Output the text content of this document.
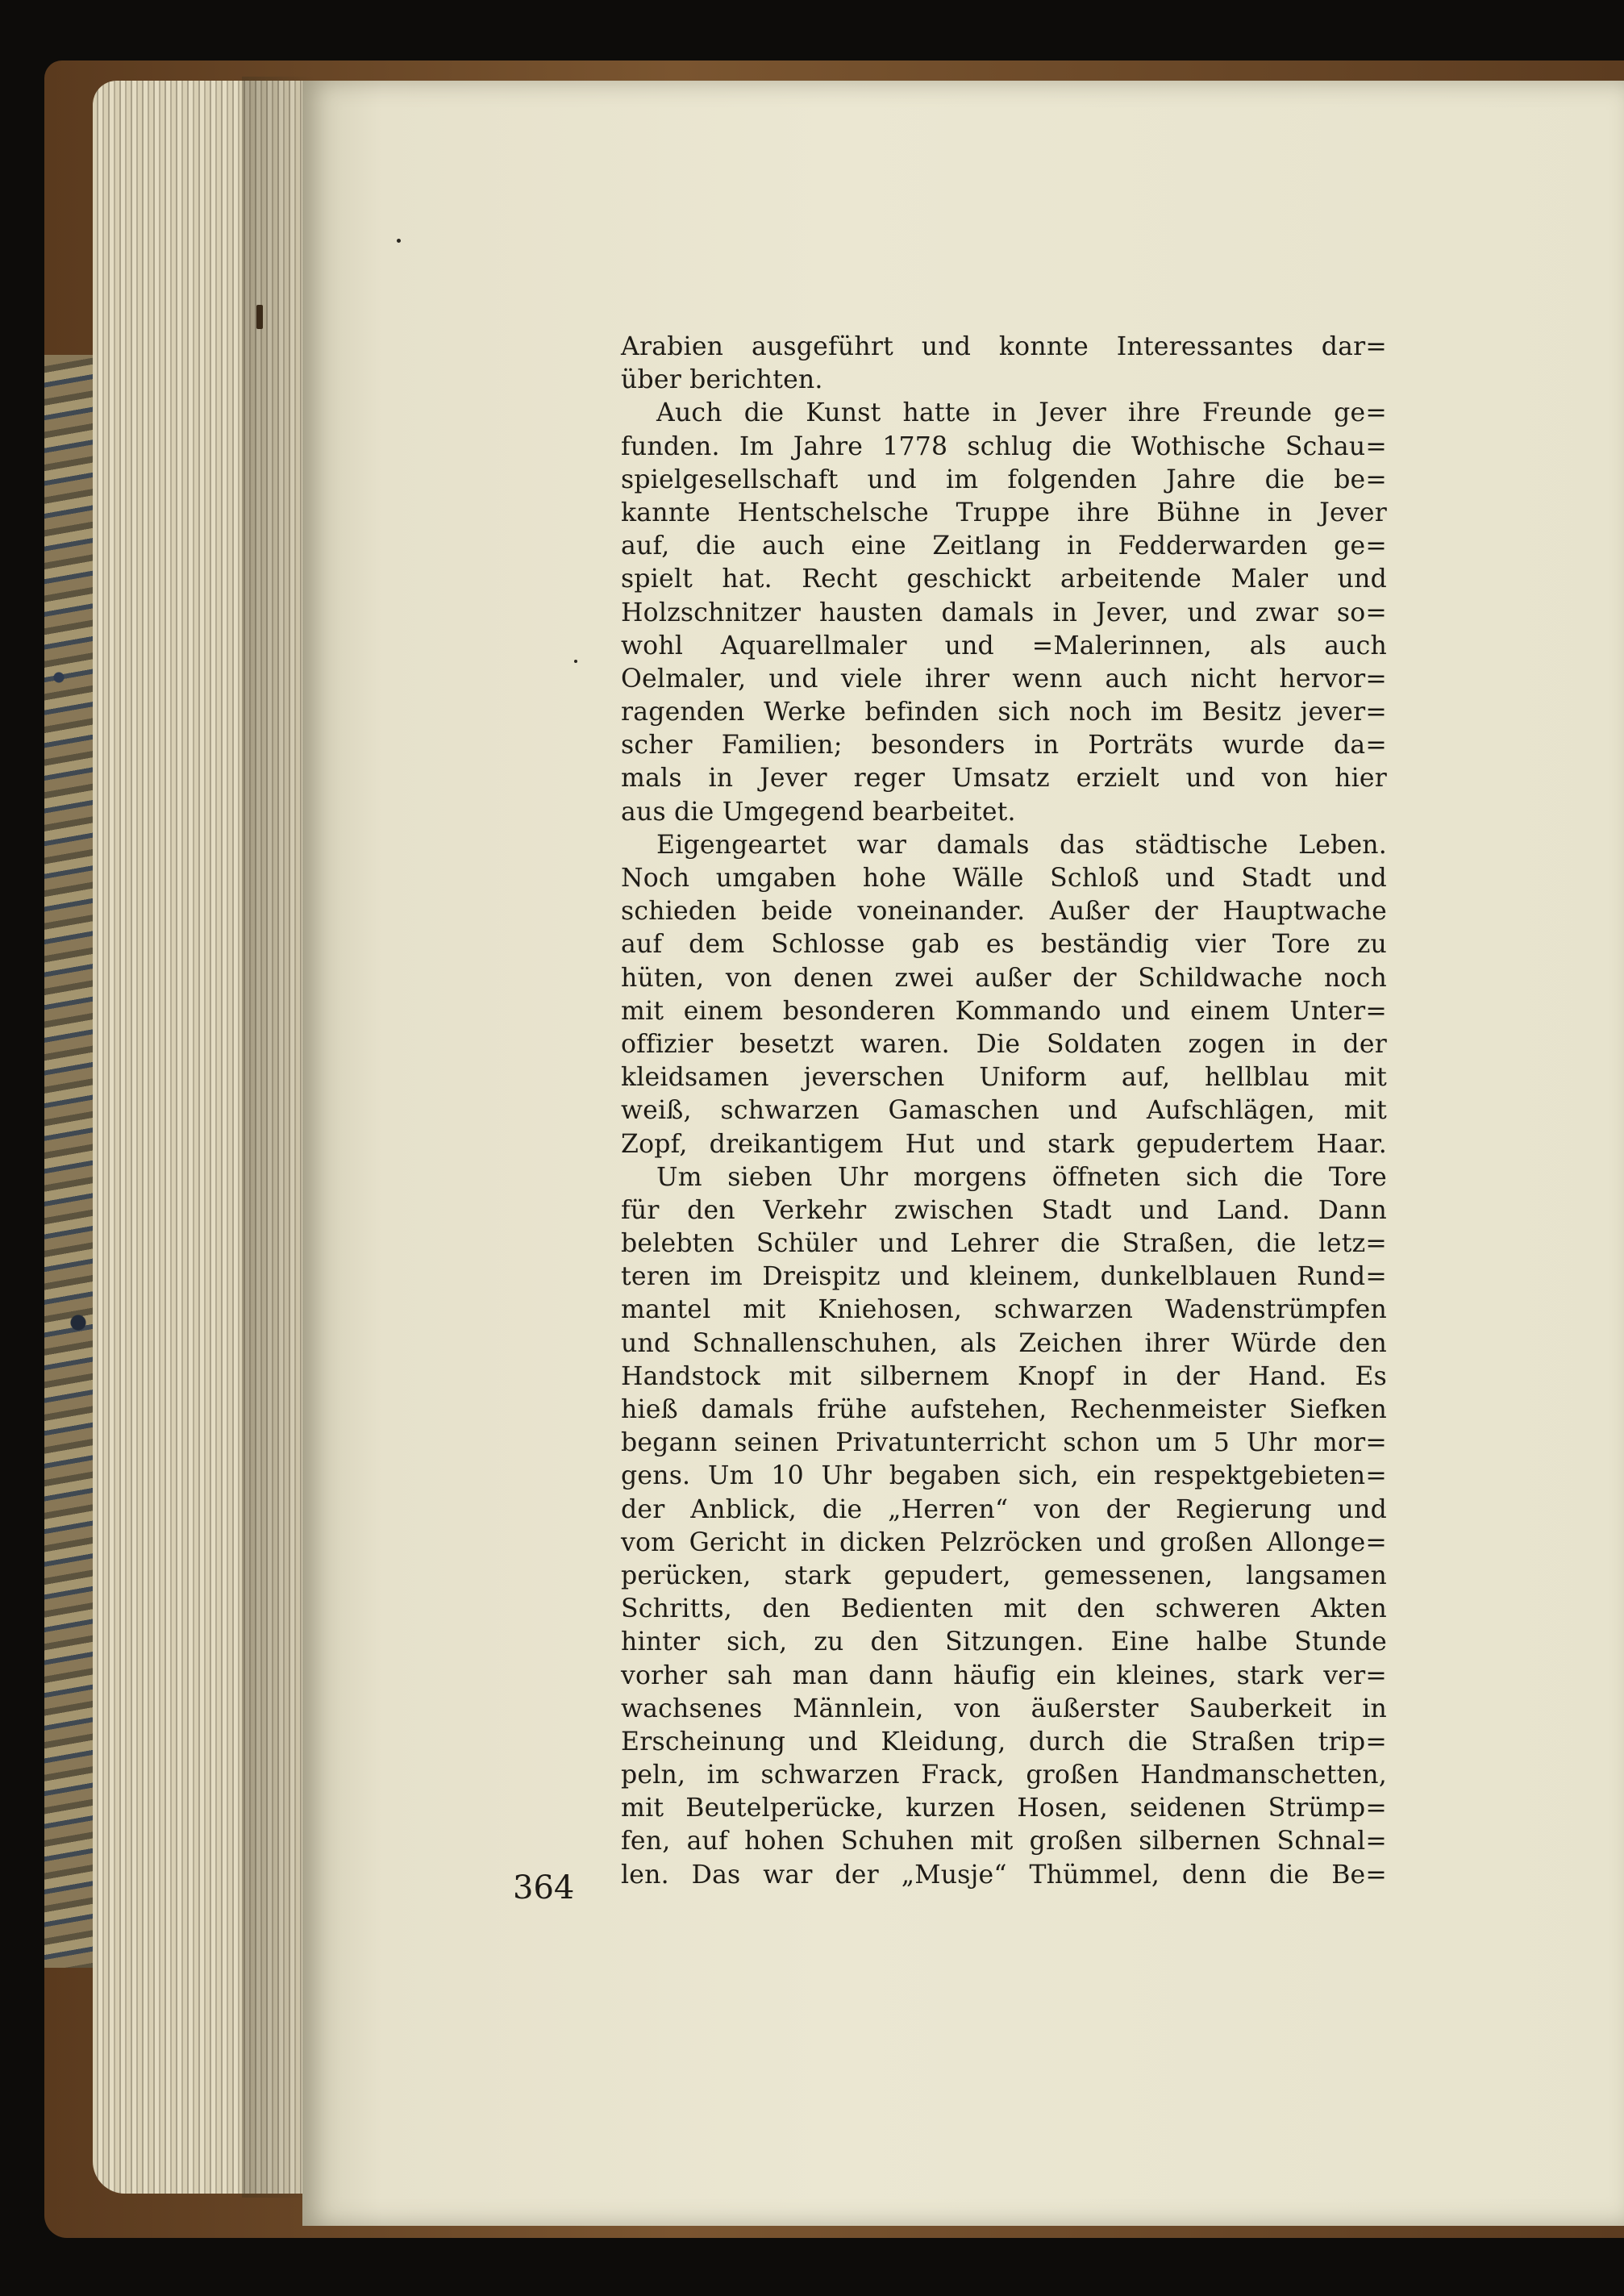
Arabien ausgeführt und konnte Interessantes dar=
über berichten.
Auch die Kunst hatte in Jever ihre Freunde ge=
funden. Im Jahre 1778 schlug die Wothische Schau=
spielgesellschaft und im folgenden Jahre die be=
kannte Hentschelsche Truppe ihre Bühne in Jever
auf, die auch eine Zeitlang in Fedderwarden ge=
spielt hat. Recht geschickt arbeitende Maler und
Holzschnitzer hausten damals in Jever, und zwar so=
wohl Aquarellmaler und =Malerinnen, als auch
Oelmaler, und viele ihrer wenn auch nicht hervor=
ragenden Werke befinden sich noch im Besitz jever=
scher Familien; besonders in Porträts wurde da=
mals in Jever reger Umsatz erzielt und von hier
aus die Umgegend bearbeitet.
Eigengeartet war damals das städtische Leben.
Noch umgaben hohe Wälle Schloß und Stadt und
schieden beide voneinander. Außer der Hauptwache
auf dem Schlosse gab es beständig vier Tore zu
hüten, von denen zwei außer der Schildwache noch
mit einem besonderen Kommando und einem Unter=
offizier besetzt waren. Die Soldaten zogen in der
kleidsamen jeverschen Uniform auf, hellblau mit
weiß, schwarzen Gamaschen und Aufschlägen, mit
Zopf, dreikantigem Hut und stark gepudertem Haar.
Um sieben Uhr morgens öffneten sich die Tore
für den Verkehr zwischen Stadt und Land. Dann
belebten Schüler und Lehrer die Straßen, die letz=
teren im Dreispitz und kleinem, dunkelblauen Rund=
mantel mit Kniehosen, schwarzen Wadenstrümpfen
und Schnallenschuhen, als Zeichen ihrer Würde den
Handstock mit silbernem Knopf in der Hand. Es
hieß damals frühe aufstehen, Rechenmeister Siefken
begann seinen Privatunterricht schon um 5 Uhr mor=
gens. Um 10 Uhr begaben sich, ein respektgebieten=
der Anblick, die „Herren“ von der Regierung und
vom Gericht in dicken Pelzröcken und großen Allonge=
perücken, stark gepudert, gemessenen, langsamen
Schritts, den Bedienten mit den schweren Akten
hinter sich, zu den Sitzungen. Eine halbe Stunde
vorher sah man dann häufig ein kleines, stark ver=
wachsenes Männlein, von äußerster Sauberkeit in
Erscheinung und Kleidung, durch die Straßen trip=
peln, im schwarzen Frack, großen Handmanschetten,
mit Beutelperücke, kurzen Hosen, seidenen Strümp=
fen, auf hohen Schuhen mit großen silbernen Schnal=
len. Das war der „Musje“ Thümmel, denn die Be=
364
